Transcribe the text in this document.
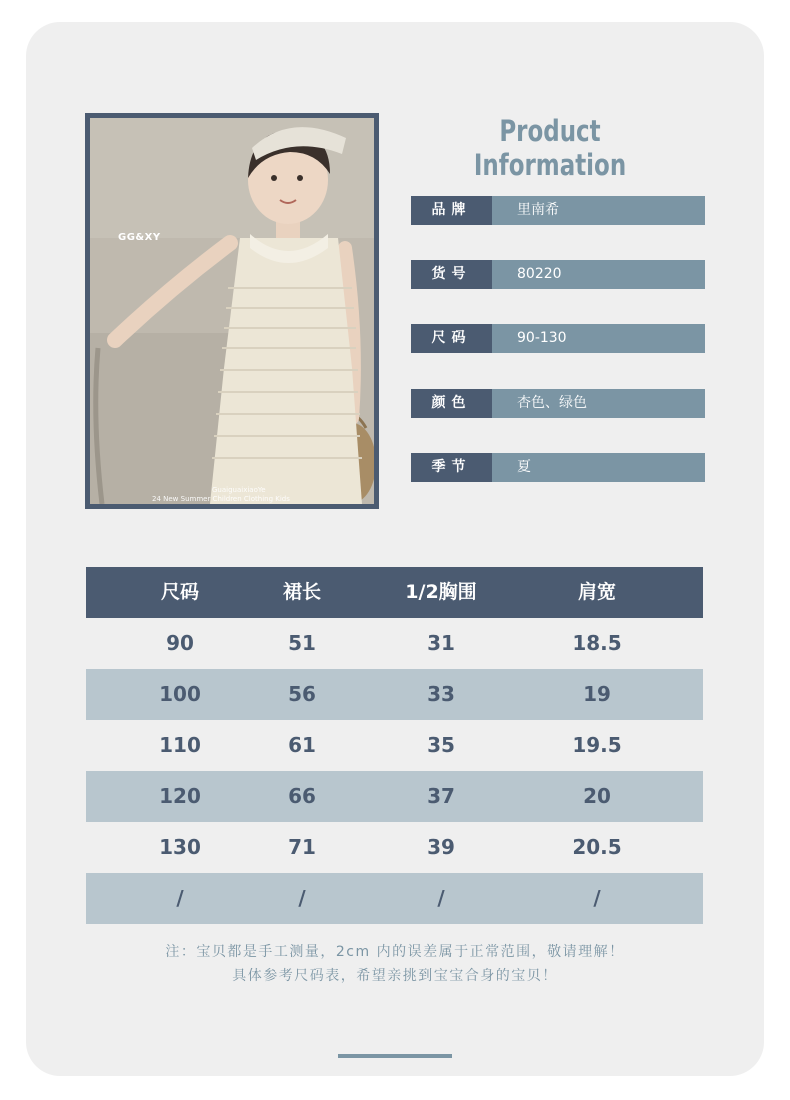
GG&XY
GuaiguaixiaoYe
24 New Summer Children Clothing Kids
Product Information
品牌	里南希
货号	80220
尺码	90-130
颜色	杏色、绿色
季节	夏
尺码	裙长	1/2胸围	肩宽
90	51	31	18.5
100	56	33	19
110	61	35	19.5
120	66	37	20
130	71	39	20.5
/	/	/	/
注：宝贝都是手工测量，2cm 内的误差属于正常范围，敬请理解！
具体参考尺码表，希望亲挑到宝宝合身的宝贝！
